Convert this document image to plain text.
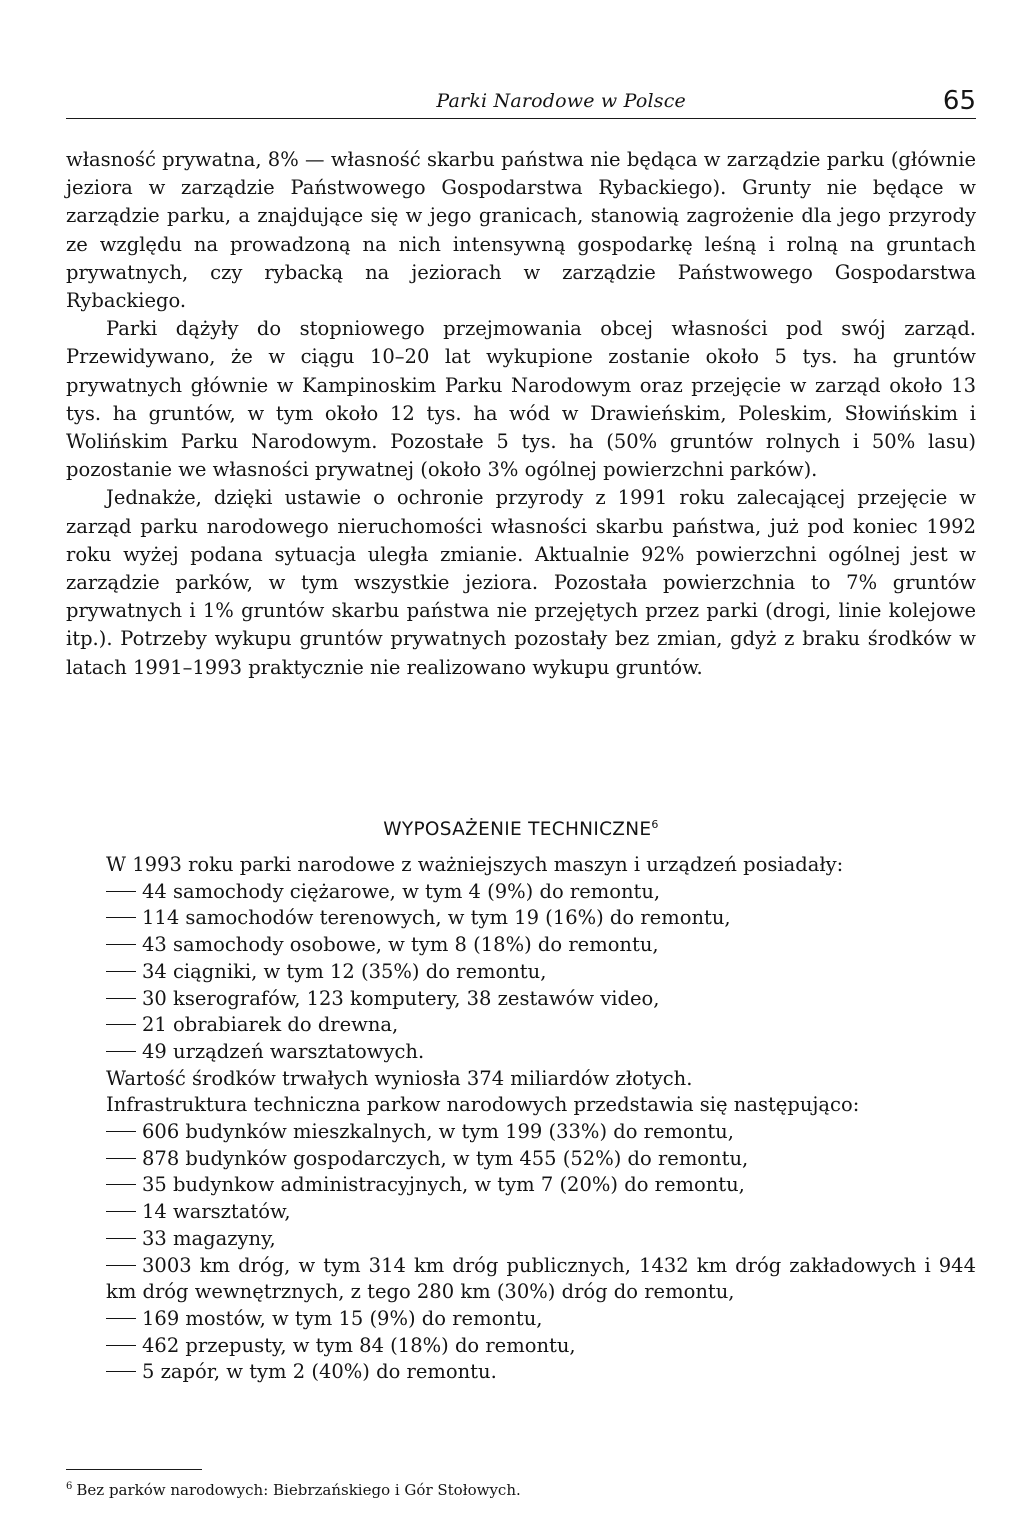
Parki Narodowe w Polsce	65

własność prywatna, 8% — własność skarbu państwa nie będąca w zarządzie parku (głównie jeziora w zarządzie Państwowego Gospodarstwa Rybackiego). Grunty nie będące w zarządzie parku, a znajdujące się w jego granicach, stanowią zagrożenie dla jego przyrody ze względu na prowadzoną na nich intensywną gospodarkę leśną i rolną na gruntach prywatnych, czy rybacką na jeziorach w zarządzie Państwowego Gospodarstwa Rybackiego.

Parki dążyły do stopniowego przejmowania obcej własności pod swój zarząd. Przewidywano, że w ciągu 10–20 lat wykupione zostanie około 5 tys. ha gruntów prywatnych głównie w Kampinoskim Parku Narodowym oraz przejęcie w zarząd około 13 tys. ha gruntów, w tym około 12 tys. ha wód w Drawieńskim, Poleskim, Słowińskim i Wolińskim Parku Narodowym. Pozostałe 5 tys. ha (50% gruntów rolnych i 50% lasu) pozostanie we własności prywatnej (około 3% ogólnej powierzchni parków).

Jednakże, dzięki ustawie o ochronie przyrody z 1991 roku zalecającej przejęcie w zarząd parku narodowego nieruchomości własności skarbu państwa, już pod koniec 1992 roku wyżej podana sytuacja uległa zmianie. Aktualnie 92% powierzchni ogólnej jest w zarządzie parków, w tym wszystkie jeziora. Pozostała powierzchnia to 7% gruntów prywatnych i 1% gruntów skarbu państwa nie przejętych przez parki (drogi, linie kolejowe itp.). Potrzeby wykupu gruntów prywatnych pozostały bez zmian, gdyż z braku środków w latach 1991–1993 praktycznie nie realizowano wykupu gruntów.

WYPOSAŻENIE TECHNICZNE$^6$

W 1993 roku parki narodowe z ważniejszych maszyn i urządzeń posiadały:

44 samochody ciężarowe, w tym 4 (9%) do remontu,
114 samochodów terenowych, w tym 19 (16%) do remontu,
43 samochody osobowe, w tym 8 (18%) do remontu,
34 ciągniki, w tym 12 (35%) do remontu,
30 kserografów, 123 komputery, 38 zestawów video,
21 obrabiarek do drewna,
49 urządzeń warsztatowych.

Wartość środków trwałych wyniosła 374 miliardów złotych.

Infrastruktura techniczna parkow narodowych przedstawia się następująco:

606 budynków mieszkalnych, w tym 199 (33%) do remontu,
878 budynków gospodarczych, w tym 455 (52%) do remontu,
35 budynkow administracyjnych, w tym 7 (20%) do remontu,
14 warsztatów,
33 magazyny,
3003 km dróg, w tym 314 km dróg publicznych, 1432 km dróg zakładowych i 944 km dróg wewnętrznych, z tego 280 km (30%) dróg do remontu,
169 mostów, w tym 15 (9%) do remontu,
462 przepusty, w tym 84 (18%) do remontu,
5 zapór, w tym 2 (40%) do remontu.
$^6$ Bez parków narodowych: Biebrzańskiego i Gór Stołowych.
